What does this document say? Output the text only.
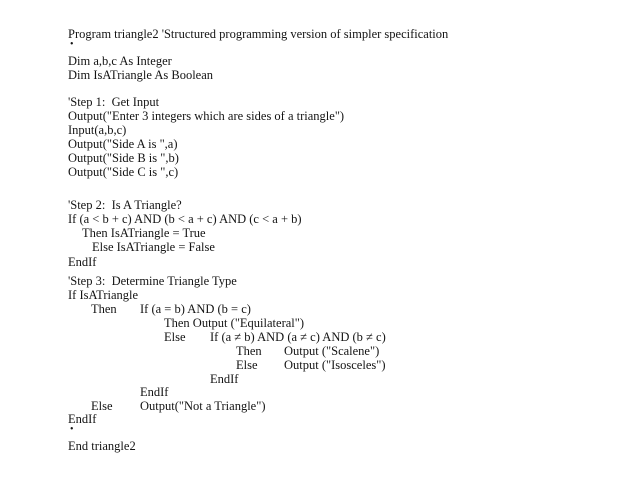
Program triangle2 'Structured programming version of simpler specification
•
Dim a,b,c As Integer
Dim IsATriangle As Boolean
'Step 1:  Get Input
Output("Enter 3 integers which are sides of a triangle")
Input(a,b,c)
Output("Side A is ",a)
Output("Side B is ",b)
Output("Side C is ",c)
'Step 2:  Is A Triangle?
If (a < b + c) AND (b < a + c) AND (c < a + b)
Then IsATriangle = True
Else IsATriangle = False
EndIf
'Step 3:  Determine Triangle Type
If IsATriangle
Then If (a = b) AND (b = c)
Then Output ("Equilateral")
Else If (a ≠ b) AND (a ≠ c) AND (b ≠ c)
Then Output ("Scalene")
Else Output ("Isosceles")
EndIf
EndIf
Else Output("Not a Triangle")
EndIf
•
End triangle2
